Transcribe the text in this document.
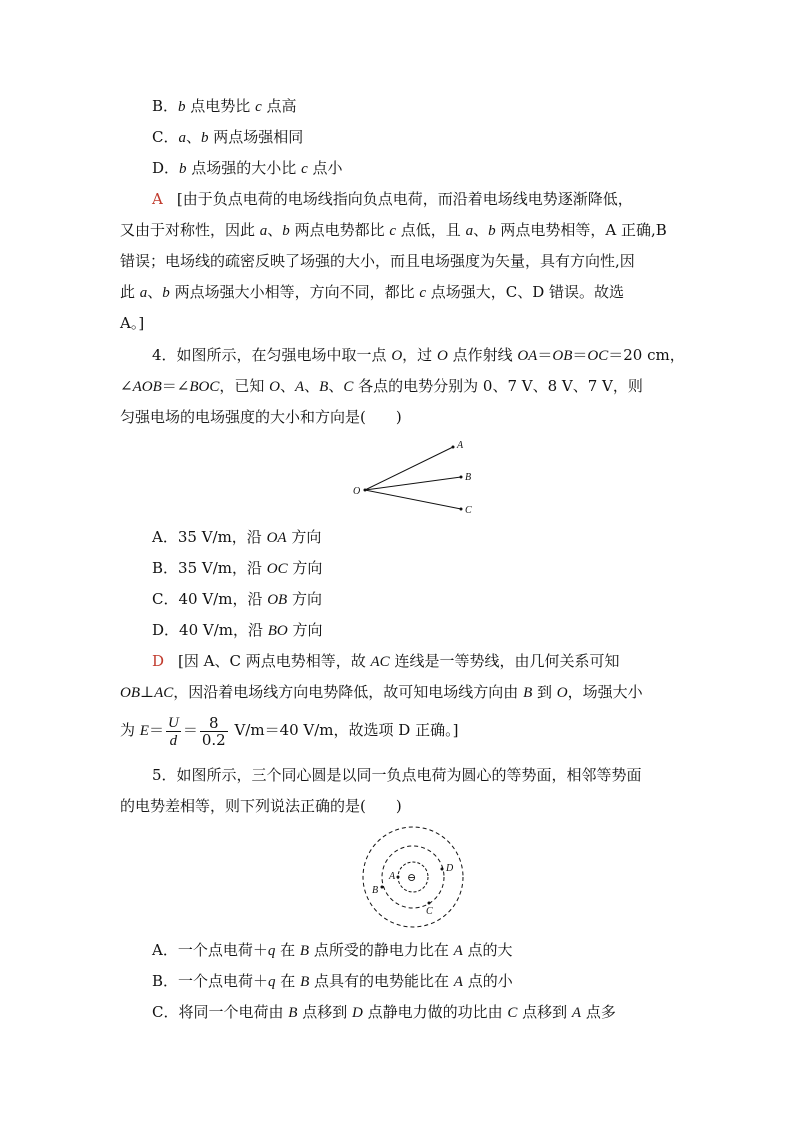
B．b 点电势比 c 点高
C．a、b 两点场强相同
D．b 点场强的大小比 c 点小
A [由于负点电荷的电场线指向负点电荷，而沿着电场线电势逐渐降低，
又由于对称性，因此 a、b 两点电势都比 c 点低，且 a、b 两点电势相等，A 正确,B
错误；电场线的疏密反映了场强的大小，而且电场强度为矢量，具有方向性,因
此 a、b 两点场强大小相等，方向不同，都比 c 点场强大，C、D 错误。故选
A。]
4．如图所示，在匀强电场中取一点 O，过 O 点作射线 OA＝OB＝OC＝20 cm，
∠AOB＝∠BOC，已知 O、A、B、C 各点的电势分别为 0、7 V、8 V、7 V，则
匀强电场的电场强度的大小和方向是(　　)
O
A
B
C
A．35 V/m，沿 OA 方向
B．35 V/m，沿 OC 方向
C．40 V/m，沿 OB 方向
D．40 V/m，沿 BO 方向
D [因 A、C 两点电势相等，故 AC 连线是一等势线，由几何关系可知
OB⊥AC，因沿着电场线方向电势降低，故可知电场线方向由 B 到 O，场强大小
为 $E= \frac{U}{d} = \frac{8}{0.2} V/m=40$ V/m，故选项 D 正确。]
5．如图所示，三个同心圆是以同一负点电荷为圆心的等势面，相邻等势面
的电势差相等，则下列说法正确的是(　　)
⊖
A
B
C
D
A．一个点电荷＋q 在 B 点所受的静电力比在 A 点的大
B．一个点电荷＋q 在 B 点具有的电势能比在 A 点的小
C．将同一个电荷由 B 点移到 D 点静电力做的功比由 C 点移到 A 点多
